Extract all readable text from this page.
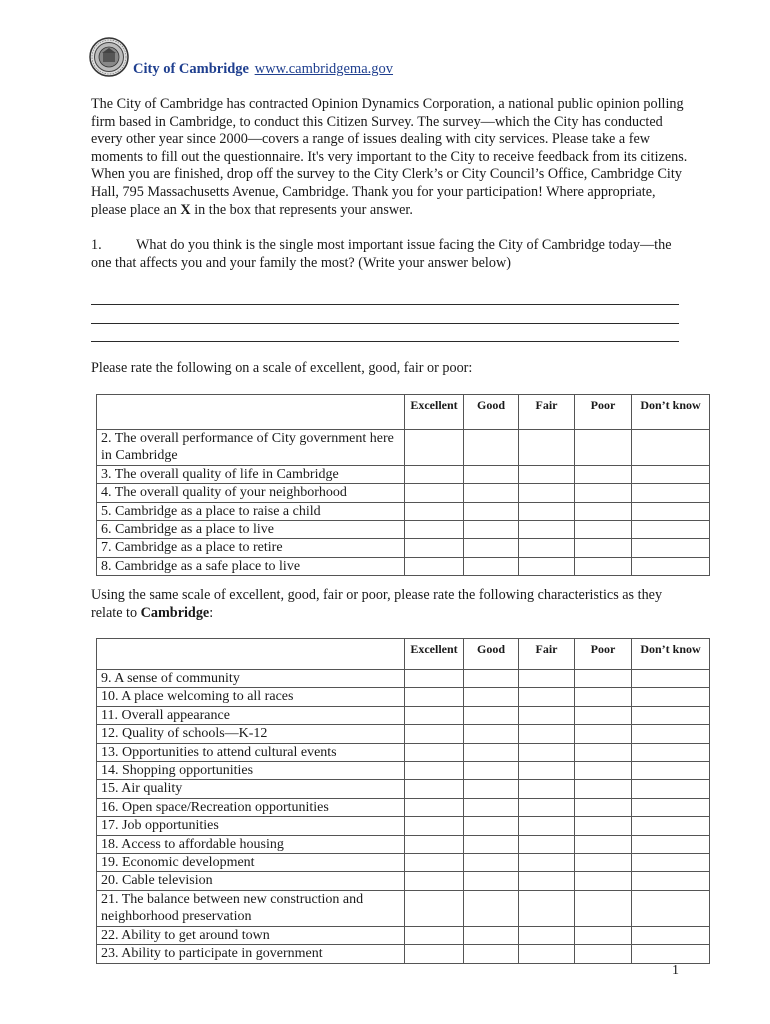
City of Cambridge www.cambridgema.gov
The City of Cambridge has contracted Opinion Dynamics Corporation, a national public opinion polling firm based in Cambridge, to conduct this Citizen Survey. The survey—which the City has conducted every other year since 2000—covers a range of issues dealing with city services. Please take a few moments to fill out the questionnaire. It's very important to the City to receive feedback from its citizens. When you are finished, drop off the survey to the City Clerk’s or City Council’s Office, Cambridge City Hall, 795 Massachusetts Avenue, Cambridge. Thank you for your participation! Where appropriate, please place an X in the box that represents your answer.
1. What do you think is the single most important issue facing the City of Cambridge today—the one that affects you and your family the most? (Write your answer below)
Please rate the following on a scale of excellent, good, fair or poor:
	Excellent	Good	Fair	Poor	Don’t know
2. The overall performance of City government here in Cambridge					
3. The overall quality of life in Cambridge					
4. The overall quality of your neighborhood					
5. Cambridge as a place to raise a child					
6. Cambridge as a place to live					
7. Cambridge as a place to retire					
8. Cambridge as a safe place to live					
Using the same scale of excellent, good, fair or poor, please rate the following characteristics as they relate to Cambridge:
	Excellent	Good	Fair	Poor	Don’t know
9. A sense of community					
10. A place welcoming to all races					
11. Overall appearance					
12. Quality of schools—K-12					
13. Opportunities to attend cultural events					
14. Shopping opportunities					
15. Air quality					
16. Open space/Recreation opportunities					
17. Job opportunities					
18. Access to affordable housing					
19. Economic development					
20. Cable television					
21. The balance between new construction and neighborhood preservation					
22. Ability to get around town					
23. Ability to participate in government					
1
